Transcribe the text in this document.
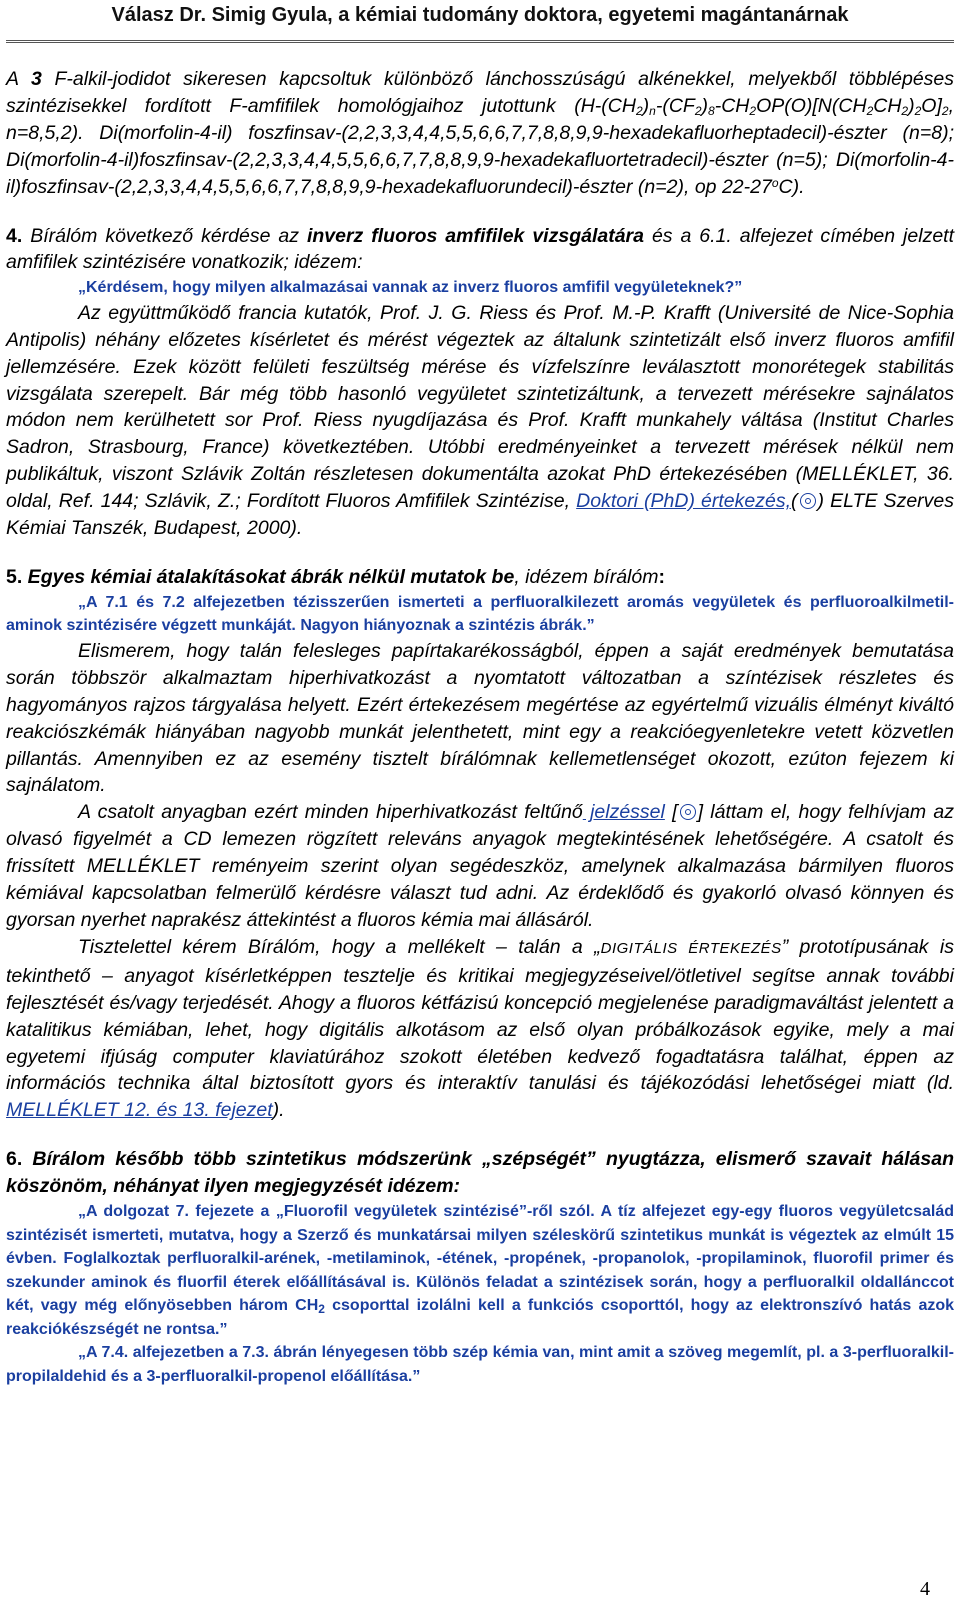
Válasz Dr. Simig Gyula, a kémiai tudomány doktora, egyetemi magántanárnak

A 3 F-alkil-jodidot sikeresen kapcsoltuk különböző lánchosszúságú alkénekkel, melyekből többlépéses szintézisekkel fordított F-amfifilek homológjaihoz jutottunk ($H-(CH_2)_n-(CF_2)_8-CH_2OP(O)[N(CH_2CH_2)_2O]_2$, n=8,5,2). Di(morfolin-4-il) foszfinsav-(2,2,3,3,4,4,5,5,6,6,7,7,8,8,9,9-hexadekafluorheptadecil)-észter (n=8); Di(morfolin-4-il)foszfinsav-(2,2,3,3,4,4,5,5,6,6,7,7,8,8,9,9-hexadekafluortetradecil)-észter (n=5); Di(morfolin-4-il)foszfinsav-(2,2,3,3,4,4,5,5,6,6,7,7,8,8,9,9-hexadekafluorundecil)-észter (n=2), op 22-27$^o$C).

4. Bírálóm következő kérdése az inverz fluoros amfifilek vizsgálatára és a 6.1. alfejezet címében jelzett amfifilek szintézisére vonatkozik; idézem:

„Kérdésem, hogy milyen alkalmazásai vannak az inverz fluoros amfifil vegyületeknek?”

Az együttműködő francia kutatók, Prof. J. G. Riess és Prof. M.-P. Krafft (Université de Nice-Sophia Antipolis) néhány előzetes kísérletet és mérést végeztek az általunk szintetizált első inverz fluoros amfifil jellemzésére. Ezek között felületi feszültség mérése és vízfelszínre leválasztott monorétegek stabilitás vizsgálata szerepelt. Bár még több hasonló vegyületet szintetizáltunk, a tervezett mérésekre sajnálatos módon nem kerülhetett sor Prof. Riess nyugdíjazása és Prof. Krafft munkahely váltása (Institut Charles Sadron, Strasbourg, France) következtében. Utóbbi eredményeinket a tervezett mérések nélkül nem publikáltuk, viszont Szlávik Zoltán részletesen dokumentálta azokat PhD értekezésében (MELLÉKLET, 36. oldal, Ref. 144; Szlávik, Z.; Fordított Fluoros Amfifilek Szintézise, Doktori (PhD) értekezés,( ) ELTE Szerves Kémiai Tanszék, Budapest, 2000).

5. Egyes kémiai átalakításokat ábrák nélkül mutatok be, idézem bírálóm:

„A 7.1 és 7.2 alfejezetben tézisszerűen ismerteti a perfluoralkilezett aromás vegyületek és perfluoroalkilmetil-aminok szintézisére végzett munkáját. Nagyon hiányoznak a szintézis ábrák.”

Elismerem, hogy talán felesleges papírtakarékosságból, éppen a saját eredmények bemutatása során többször alkalmaztam hiperhivatkozást a nyomtatott változatban a színtézisek részletes és hagyományos rajzos tárgyalása helyett. Ezért értekezésem megértése az egyértelmű vizuális élményt kiváltó reakciószkémák hiányában nagyobb munkát jelenthetett, mint egy a reakcióegyenletekre vetett közvetlen pillantás. Amennyiben ez az esemény tisztelt bírálómnak kellemetlenséget okozott, ezúton fejezem ki sajnálatom.

A csatolt anyagban ezért minden hiperhivatkozást feltűnő jelzéssel [ ] láttam el, hogy felhívjam az olvasó figyelmét a CD lemezen rögzített releváns anyagok megtekintésének lehetőségére. A csatolt és frissített MELLÉKLET reményeim szerint olyan segédeszköz, amelynek alkalmazása bármilyen fluoros kémiával kapcsolatban felmerülő kérdésre választ tud adni. Az érdeklődő és gyakorló olvasó könnyen és gyorsan nyerhet naprakész áttekintést a fluoros kémia mai állásáról.

Tisztelettel kérem Bírálóm, hogy a mellékelt – talán a „DIGITÁLIS ÉRTEKEZÉS” prototípusának is tekinthető – anyagot kísérletképpen tesztelje és kritikai megjegyzéseivel/ötletivel segítse annak további fejlesztését és/vagy terjedését. Ahogy a fluoros kétfázisú koncepció megjelenése paradigmaváltást jelentett a katalitikus kémiában, lehet, hogy digitális alkotásom az első olyan próbálkozások egyike, mely a mai egyetemi ifjúság computer klaviatúrához szokott életében kedvező fogadtatásra találhat, éppen az információs technika által biztosított gyors és interaktív tanulási és tájékozódási lehetőségei miatt (ld. MELLÉKLET 12. és 13. fejezet).

6. Bírálom később több szintetikus módszerünk „szépségét” nyugtázza, elismerő szavait hálásan köszönöm, néhányat ilyen megjegyzését idézem:

„A dolgozat 7. fejezete a „Fluorofil vegyületek szintézisé”-ről szól. A tíz alfejezet egy-egy fluoros vegyületcsalád szintézisét ismerteti, mutatva, hogy a Szerző és munkatársai milyen széleskörű szintetikus munkát is végeztek az elmúlt 15 évben. Foglalkoztak perfluoralkil-arének, -metilaminok, -étének, -propének, -propanolok, -propilaminok, fluorofil primer és szekunder aminok és fluorfil éterek előállításával is. Különös feladat a szintézisek során, hogy a perfluoralkil oldallánccot két, vagy még előnyösebben három $CH_2$ csoporttal izolálni kell a funkciós csoporttól, hogy az elektronszívó hatás azok reakciókészségét ne rontsa.”

„A 7.4. alfejezetben a 7.3. ábrán lényegesen több szép kémia van, mint amit a szöveg megemlít, pl. a 3-perfluoralkil-propilaldehid és a 3-perfluoralkil-propenol előállítása.”

4
